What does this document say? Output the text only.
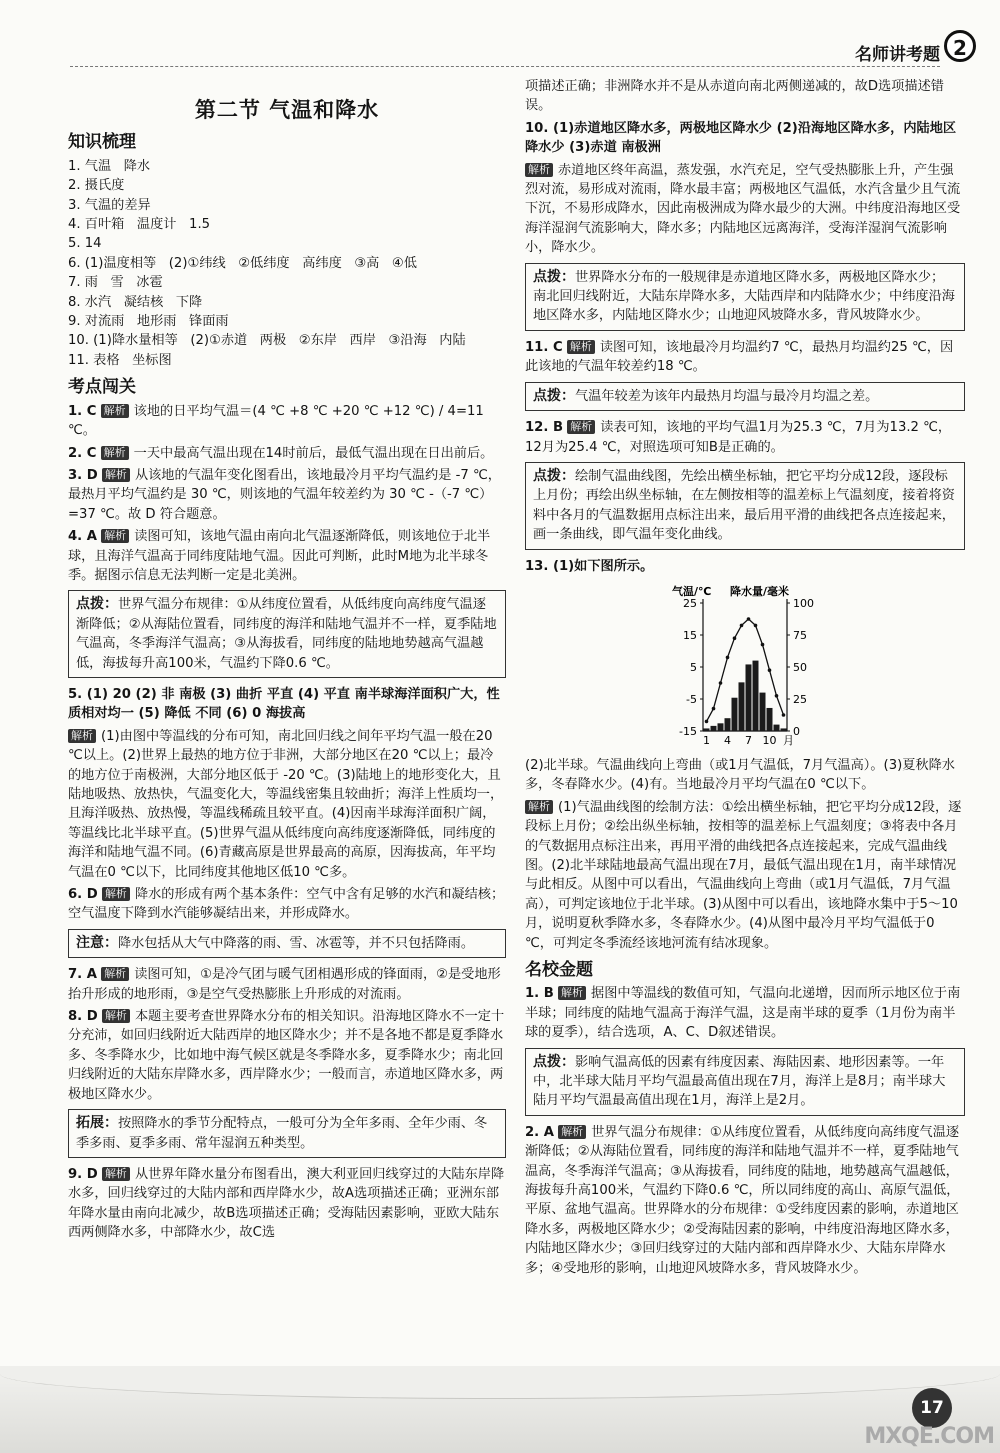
名师讲考题 2
第二节 气温和降水
知识梳理
1. 气温   降水
2. 摄氏度
3. 气温的差异
4. 百叶箱   温度计   1.5
5. 14
6. (1)温度相等   (2)①纬线   ②低纬度   高纬度   ③高   ④低
7. 雨   雪   冰雹
8. 水汽   凝结核   下降
9. 对流雨   地形雨   锋面雨
10. (1)降水量相等   (2)①赤道   两极   ②东岸   西岸   ③沿海   内陆
11. 表格   坐标图
考点闯关
1. C 解析 该地的日平均气温＝(4 ℃ +8 ℃ +20 ℃ +12 ℃) / 4=11 ℃。
2. C 解析 一天中最高气温出现在14时前后，最低气温出现在日出前后。
3. D 解析 从该地的气温年变化图看出，该地最冷月平均气温约是 -7 ℃，最热月平均气温约是 30 ℃，则该地的气温年较差约为 30 ℃ -（-7 ℃）=37 ℃。故 D 符合题意。
4. A 解析 读图可知，该地气温由南向北气温逐渐降低，则该地位于北半球，且海洋气温高于同纬度陆地气温。因此可判断，此时M地为北半球冬季。据图示信息无法判断一定是北美洲。
点拨：世界气温分布规律：①从纬度位置看，从低纬度向高纬度气温逐渐降低；②从海陆位置看，同纬度的海洋和陆地气温并不一样，夏季陆地气温高，冬季海洋气温高；③从海拔看，同纬度的陆地地势越高气温越低，海拔每升高100米，气温约下降0.6 ℃。
5. (1) 20 (2) 非 南极 (3) 曲折 平直 (4) 平直 南半球海洋面积广大，性质相对均一 (5) 降低 不同 (6) 0 海拔高
解析 (1)由图中等温线的分布可知，南北回归线之间年平均气温一般在20 ℃以上。(2)世界上最热的地方位于非洲，大部分地区在20 ℃以上；最冷的地方位于南极洲，大部分地区低于 -20 ℃。(3)陆地上的地形变化大，且陆地吸热、放热快，气温变化大，等温线密集且较曲折；海洋上性质均一，且海洋吸热、放热慢，等温线稀疏且较平直。(4)因南半球海洋面积广阔，等温线比北半球平直。(5)世界气温从低纬度向高纬度逐渐降低，同纬度的海洋和陆地气温不同。(6)青藏高原是世界最高的高原，因海拔高，年平均气温在0 ℃以下，比同纬度其他地区低10 ℃多。
6. D 解析 降水的形成有两个基本条件：空气中含有足够的水汽和凝结核；空气温度下降到水汽能够凝结出来，并形成降水。
注意：降水包括从大气中降落的雨、雪、冰雹等，并不只包括降雨。
7. A 解析 读图可知，①是冷气团与暖气团相遇形成的锋面雨，②是受地形抬升形成的地形雨，③是空气受热膨胀上升形成的对流雨。
8. D 解析 本题主要考查世界降水分布的相关知识。沿海地区降水不一定十分充沛，如回归线附近大陆西岸的地区降水少；并不是各地不都是夏季降水多、冬季降水少，比如地中海气候区就是冬季降水多，夏季降水少；南北回归线附近的大陆东岸降水多，西岸降水少；一般而言，赤道地区降水多，两极地区降水少。
拓展：按照降水的季节分配特点，一般可分为全年多雨、全年少雨、冬季多雨、夏季多雨、常年湿润五种类型。
9. D 解析 从世界年降水量分布图看出，澳大利亚回归线穿过的大陆东岸降水多，回归线穿过的大陆内部和西岸降水少，故A选项描述正确；亚洲东部年降水量由南向北减少，故B选项描述正确；受海陆因素影响，亚欧大陆东西两侧降水多，中部降水少，故C选
项描述正确；非洲降水并不是从赤道向南北两侧递减的，故D选项描述错误。
10. (1)赤道地区降水多，两极地区降水少 (2)沿海地区降水多，内陆地区降水少 (3)赤道 南极洲
解析 赤道地区终年高温，蒸发强，水汽充足，空气受热膨胀上升，产生强烈对流，易形成对流雨，降水最丰富；两极地区气温低，水汽含量少且气流下沉，不易形成降水，因此南极洲成为降水最少的大洲。中纬度沿海地区受海洋湿润气流影响大，降水多；内陆地区远离海洋，受海洋湿润气流影响小，降水少。
点拨：世界降水分布的一般规律是赤道地区降水多，两极地区降水少；南北回归线附近，大陆东岸降水多，大陆西岸和内陆降水少；中纬度沿海地区降水多，内陆地区降水少；山地迎风坡降水多，背风坡降水少。
11. C 解析 读图可知，该地最冷月均温约7 ℃，最热月均温约25 ℃，因此该地的气温年较差约18 ℃。
点拨：气温年较差为该年内最热月均温与最冷月均温之差。
12. B 解析 读表可知，该地的平均气温1月为25.3 ℃，7月为13.2 ℃，12月为25.4 ℃，对照选项可知B是正确的。
点拨：绘制气温曲线图，先绘出横坐标轴，把它平均分成12段，逐段标上月份；再绘出纵坐标轴，在左侧按相等的温差标上气温刻度，接着将资料中各月的气温数据用点标注出来，最后用平滑的曲线把各点连接起来，画一条曲线，即气温年变化曲线。
13. (1)如下图所示。
气温/℃ 降水量/毫米
25
15
5
-5
-15
100
75
50
25
0
1 4 7 10 月
(2)北半球。气温曲线向上弯曲（或1月气温低，7月气温高）。(3)夏秋降水多，冬春降水少。(4)有。当地最冷月平均气温在0 ℃以下。
解析 (1)气温曲线图的绘制方法：①绘出横坐标轴，把它平均分成12段，逐段标上月份；②绘出纵坐标轴，按相等的温差标上气温刻度；③将表中各月的气数据用点标注出来，再用平滑的曲线把各点连接起来，完成气温曲线图。(2)北半球陆地最高气温出现在7月，最低气温出现在1月，南半球情况与此相反。从图中可以看出，气温曲线向上弯曲（或1月气温低，7月气温高），可判定该地位于北半球。(3)从图中可以看出，该地降水集中于5～10月，说明夏秋季降水多，冬春降水少。(4)从图中最冷月平均气温低于0 ℃，可判定冬季流经该地河流有结冰现象。
名校金题
1. B 解析 据图中等温线的数值可知，气温向北递增，因而所示地区位于南半球；同纬度的陆地气温高于海洋气温，这是南半球的夏季（1月份为南半球的夏季），结合选项，A、C、D叙述错误。
点拨：影响气温高低的因素有纬度因素、海陆因素、地形因素等。一年中，北半球大陆月平均气温最高值出现在7月，海洋上是8月；南半球大陆月平均气温最高值出现在1月，海洋上是2月。
2. A 解析 世界气温分布规律：①从纬度位置看，从低纬度向高纬度气温逐渐降低；②从海陆位置看，同纬度的海洋和陆地气温并不一样，夏季陆地气温高，冬季海洋气温高；③从海拔看，同纬度的陆地，地势越高气温越低，海拔每升高100米，气温约下降0.6 ℃，所以同纬度的高山、高原气温低，平原、盆地气温高。世界降水的分布规律：①受纬度因素的影响，赤道地区降水多，两极地区降水少；②受海陆因素的影响，中纬度沿海地区降水多，内陆地区降水少；③回归线穿过的大陆内部和西岸降水少、大陆东岸降水多；④受地形的影响，山地迎风坡降水多，背风坡降水少。
17
MXQE.COM
